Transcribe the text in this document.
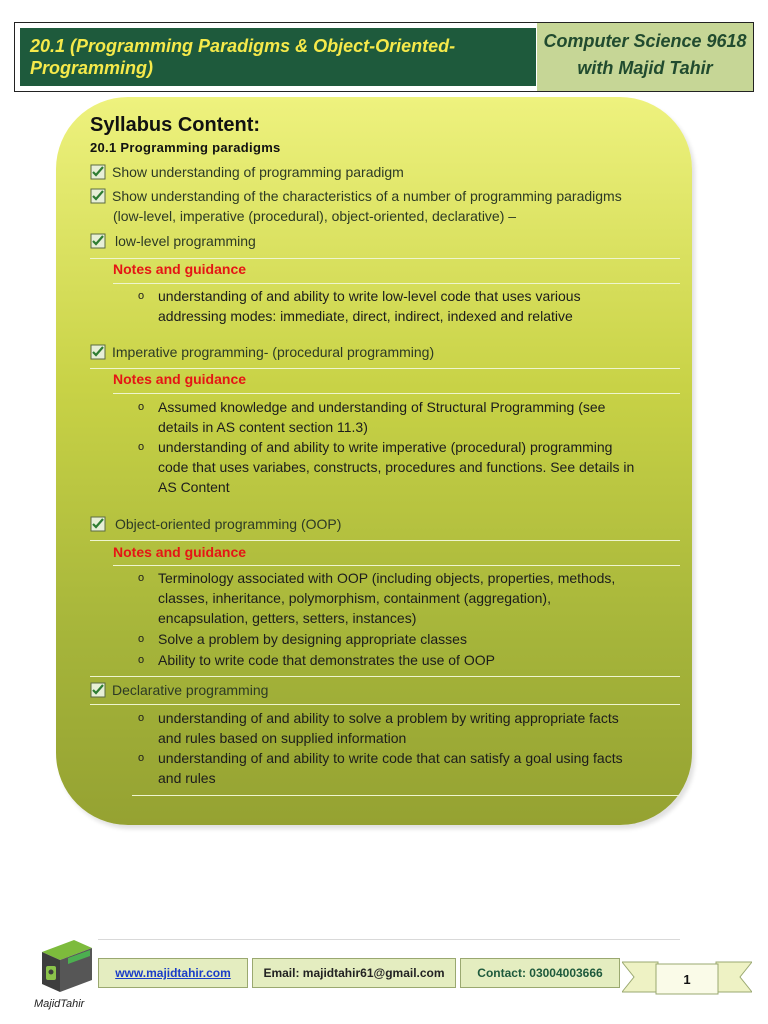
20.1 (Programming Paradigms & Object-Oriented-
Programming)
Computer Science 9618
with Majid Tahir
Syllabus Content:
20.1 Programming paradigms
Show understanding of programming paradigm
Show understanding of the characteristics of a number of programming paradigms
(low-level, imperative (procedural), object-oriented, declarative) –
low-level programming
Notes and guidance
o understanding of and ability to write low-level code that uses various
addressing modes: immediate, direct, indirect, indexed and relative
Imperative programming- (procedural programming)
Notes and guidance
o Assumed knowledge and understanding of Structural Programming (see
details in AS content section 11.3)
o understanding of and ability to write imperative (procedural) programming
code that uses variabes, constructs, procedures and functions. See details in
AS Content
Object-oriented programming (OOP)
Notes and guidance
o Terminology associated with OOP (including objects, properties, methods,
classes, inheritance, polymorphism, containment (aggregation),
encapsulation, getters, setters, instances)
o Solve a problem by designing appropriate classes
o Ability to write code that demonstrates the use of OOP
Declarative programming
o understanding of and ability to solve a problem by writing appropriate facts
and rules based on supplied information
o understanding of and ability to write code that can satisfy a goal using facts
and rules
MajidTahir
www.majidtahir.com	Email: majidtahir61@gmail.com	Contact: 03004003666	1
